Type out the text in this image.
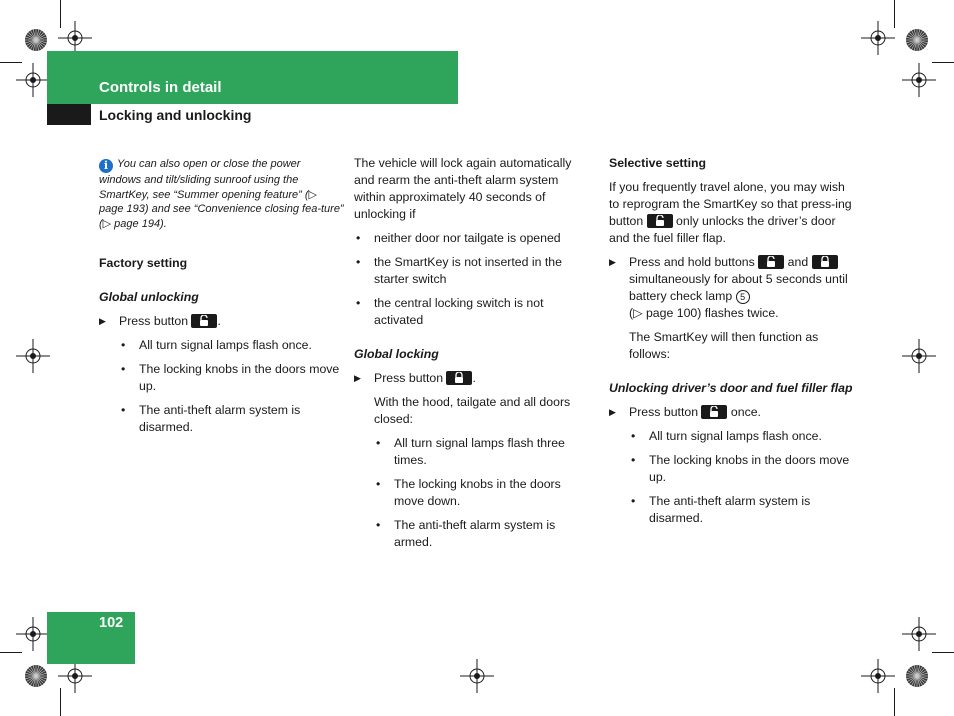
Controls in detail
Locking and unlocking
102

i You can also open or close the power windows and tilt/sliding sunroof using the SmartKey, see “Summer opening feature” (▷ page 193) and see “Convenience closing fea-ture” (▷ page 194).

Factory setting

Global unlocking

▶ Press button .

• All turn signal lamps flash once.

• The locking knobs in the doors move up.

• The anti-theft alarm system is disarmed.

The vehicle will lock again automatically and rearm the anti-theft alarm system within approximately 40 seconds of unlocking if

• neither door nor tailgate is opened

• the SmartKey is not inserted in the starter switch

• the central locking switch is not activated

Global locking

▶ Press button .

With the hood, tailgate and all doors closed:

• All turn signal lamps flash three times.

• The locking knobs in the doors move down.

• The anti-theft alarm system is armed.

Selective setting

If you frequently travel alone, you may wish to reprogram the SmartKey so that press-ing button	only unlocks the driver’s door and the fuel filler flap.

▶ Press and hold buttons	and
simultaneously for about 5 seconds until battery check lamp 5
(▷ page 100) flashes twice.

The SmartKey will then function as follows:

Unlocking driver’s door and fuel filler flap

▶ Press button	once.

• All turn signal lamps flash once.

• The locking knobs in the doors move up.

• The anti-theft alarm system is disarmed.
